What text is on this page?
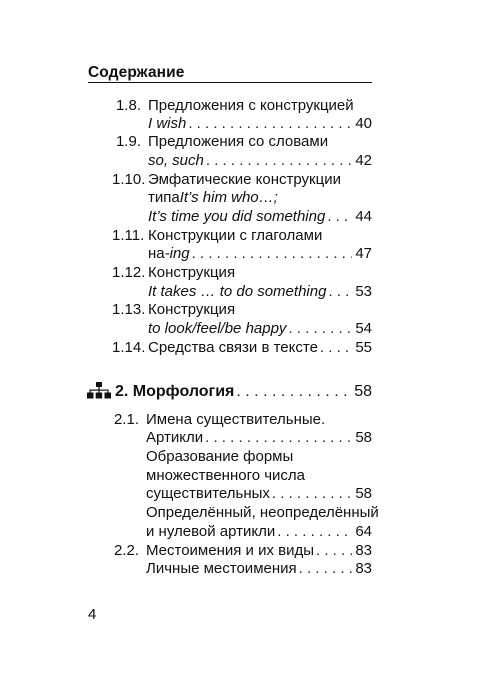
Содержание
1.8. Предложения с конструкцией
I wish . . .	40
1.9. Предложения со словами
so, such . . .	42
1.10. Эмфатические конструкции
типа It’s him who…;
It’s time you did something . . . 44
1.11. Конструкции с глаголами
на -ing . . .	47
1.12. Конструкция
It takes … to do something . . . 53
1.13. Конструкция
to look/feel/be happy . . .	54
1.14. Средства связи в тексте . . . 55
2. Морфология . . .	58
2.1. Имена существительные.
Артикли . . .	58
Образование формы
множественного числа
существительных . . .	58
Определённый, неопределённый
и нулевой артикли . . .	64
2.2. Местоимения и их виды . . .	83
Личные местоимения . . .	83
4
